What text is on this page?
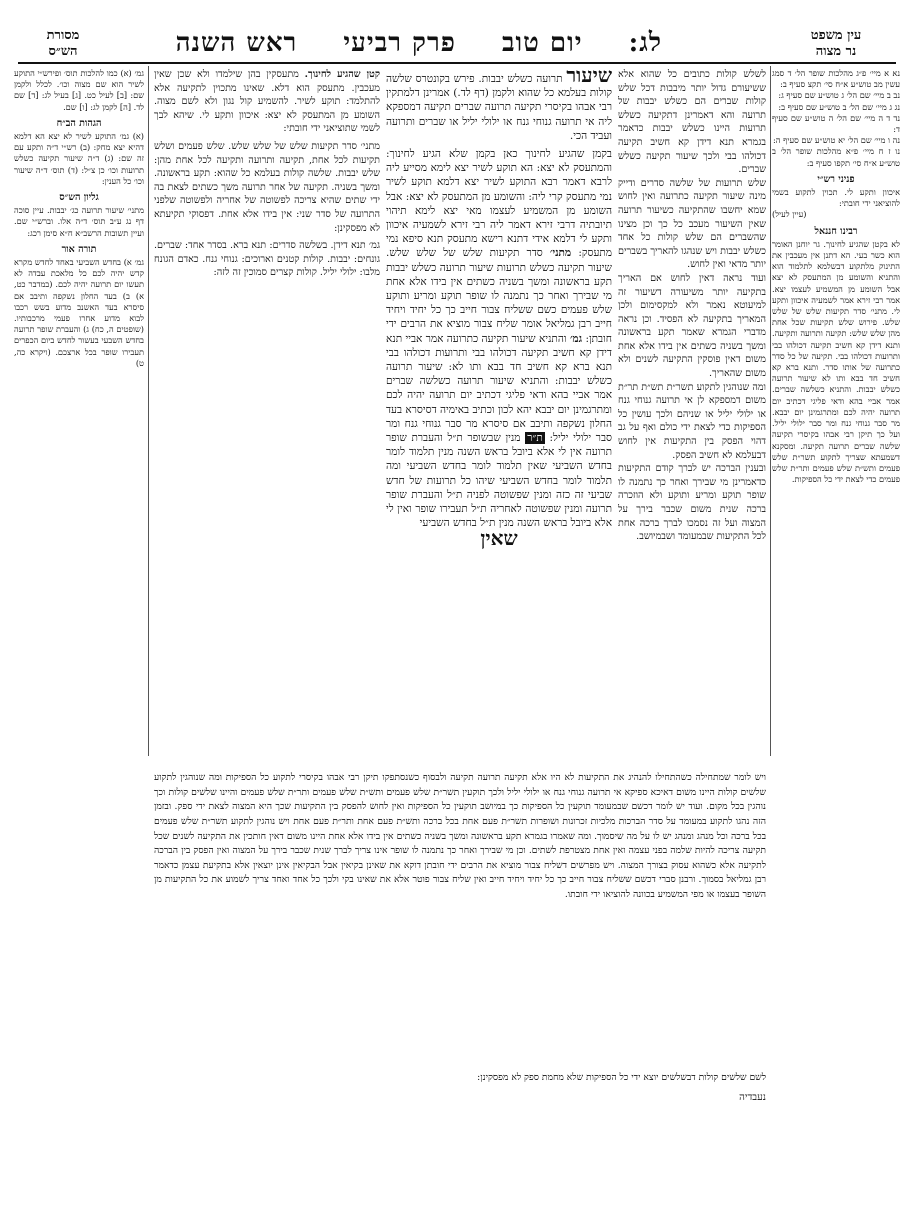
עין משפט
נר מצוה
לג: יום טוב פרק רביעי ראש השנה
מסורת
הש״ס

נא א מיי׳ פ״ג מהלכות שופר הל׳ ד סמג עשין מב טוש״ע א״ח סי׳ תקצ סעיף ב:

נב ב מיי׳ שם הל׳ ג טוש״ע שם סעיף ג:

נג ג מיי׳ שם הל׳ ב טוש״ע שם סעיף ב:

נד ד ה מיי׳ שם הל׳ ה טוש״ע שם סעיף ד:

נה ו מיי׳ שם הל׳ יא טוש״ע שם סעיף ה:

נו ז ח מיי׳ פ״א מהלכות שופר הל׳ ב טוש״ע א״ח סי׳ תקפו סעיף ב:

פניני רש״י

איכוון ותקע לי. תכוין לתקוע בשמי להוציאני ידי חובתי:

(עיין לעיל)

רבינו חננאל

לא בקטן שהגיע לחינוך. גר יוחנן האומר הוא כשר בעי. הא דתנן אין מעכבין את התינוק מלתקוע דבשלמא לתלמוד הוא והתניא והשומע מן המתעסק לא יצא אבל השומע מן המשמיע לעצמו יצא. אמר רבי זירא אמר לשמעיה איכוון ותקע לי. מתני׳ סדר תקיעות שלש של שלש שלש. פירוש שלש תקיעות שכל אחת מהן שלש שלש: תקיעה ותרועה ותקיעה. ותנא דידן קא חשיב תקיעה דכולהו בבי ותרועות דכולהו בבי. תקיעה של כל סדר כתרועה של אותו סדר. ותנא ברא קא חשיב חד בבא ותו לא שיעור תרועה כשלש יבבות. והתניא כשלשה שברים. אמר אביי בהא ודאי פליגי דכתיב יום תרועה יהיה לכם ומתרגמינן יום יבבא. מר סבר גנוחי גנח ומר סבר ילולי יליל. ועל כך תיקן רבי אבהו בקיסרי תקיעה שלשה שברים תרועה תקיעה. ומסקנא דשמעתא שצריך לתקוע תשר״ת שלש פעמים ותש״ת שלש פעמים ותר״ת שלש פעמים כדי לצאת ידי כל הספיקות.

לשלש קולות כתובים כל שהוא אלא ששיעורם גדול יותר מיבבות דכל שלש קולות שברים הם כשלש יבבות של תרועה והא דאמרינן דתקיעה כשלש תרועות היינו כשלש יבבות כדאמר בגמרא תנא דידן קא חשיב תקיעה דכולהו בבי ולכך שיעור תקיעה כשלש שברים.

שלש תרועות של שלשה סדרים ודייק מינה שיעור תקיעה כתרועה ואין לחוש שמא יחשבו שהתקיעה כשיעור תרועה שאין השיעור מעכב כל כך וכן מצינו שהשברים הם שלש קולות כל אחד כשלש יבבות ויש שנהגו להאריך בשברים יותר מדאי ואין לחוש.

ועוד נראה דאין לחוש אם האריך בתקיעה יותר משיעורה דשיעור זה למיעוטא נאמר ולא למקסימום ולכן המאריך בתקיעה לא הפסיד. וכן נראה מדברי הגמרא שאמר תקע בראשונה ומשך בשניה כשתים אין בידו אלא אחת משום דאין פוסקין התקיעה לשנים ולא משום שהאריך.

ומה שנוהגין לתקוע תשר״ת תש״ת תר״ת משום דמספקא לן אי תרועה גנוחי גנח או ילולי יליל או שניהם ולכך עושין כל הספיקות כדי לצאת ידי כולם ואף על גב דהוי הפסק בין התקיעות אין לחוש דבעלמא לא חשיב הפסק.

ובענין הברכה יש לברך קודם התקיעות כדאמרינן מי שבירך ואחר כך נתמנה לו שופר תוקע ומריע ותוקע ולא הוזכרה ברכה שנית משום שכבר בירך על המצוה ועל זה נסמכו לברך ברכה אחת לכל התקיעות שבמעומד ושבמיושב.

שיעור תרועה כשלש יבבות. פירש בקונטרס שלשה קולות בעלמא כל שהוא ולקמן (דף לד.) אמרינן דלמתקין רבי אבהו בקיסרי תקיעה תרועה שברים תקיעה דמספקא ליה אי תרועה גנוחי גנח או ילולי יליל או שברים ותרועה ועביד הכי.

בקמן שהגיע לחינוך כאן בקמן שלא הגיע לחינוך: והמתעסק לא יצא: הא תוקע לשיר יצא לימא מסייע ליה לרבא דאמר רבא התוקע לשיר יצא דלמא תוקע לשיר נמי מתעסק קרי ליה: והשומע מן המתעסק לא יצא: אבל השומע מן המשמיע לעצמו מאי יצא לימא תיהוי תיובתיה דרבי זירא דאמר ליה רבי זירא לשמעיה איכוון ותקע לי דלמא אידי דתנא רישא מתעסק תנא סיפא נמי מתעסק: מתני׳ סדר תקיעות שלש של שלש שלש. שיעור תקיעה כשלש תרועות שיעור תרועה כשלש יבבות תקע בראשונה ומשך בשניה כשתים אין בידו אלא אחת מי שבירך ואחר כך נתמנה לו שופר תוקע ומריע ותוקע שלש פעמים כשם ששליח צבור חייב כך כל יחיד ויחיד חייב רבן גמליאל אומר שליח צבור מוציא את הרבים ידי חובתן: גמ׳ והתניא שיעור תקיעה כתרועה אמר אביי תנא דידן קא חשיב תקיעה דכולהו בבי ותרועות דכולהו בבי תנא ברא קא חשיב חד בבא ותו לא: שיעור תרועה כשלש יבבות: והתניא שיעור תרועה כשלשה שברים אמר אביי בהא ודאי פליגי דכתיב יום תרועה יהיה לכם ומתרגמינן יום יבבא יהא לכון וכתיב באימיה דסיסרא בעד החלון נשקפה ותיבב אם סיסרא מר סבר גנוחי גנח ומר סבר ילולי יליל: ת״ר מנין שבשופר ת״ל והעברת שופר תרועה אין לי אלא ביובל בראש השנה מנין תלמוד לומר בחדש השביעי שאין תלמוד לומר בחדש השביעי ומה תלמוד לומר בחדש השביעי שיהו כל תרועות של חדש שביעי זה כזה ומנין שפשוטה לפניה ת״ל והעברת שופר תרועה ומנין שפשוטה לאחריה ת״ל תעבירו שופר ואין לי אלא ביובל בראש השנה מנין ת״ל בחדש השביעי

שאין

קטן שהגיע לחינוך. מתעסקין בהן שילמדו ולא שכן שאין מעכבין. מתעסק הוא דלא. שאינו מתכוין לתקיעה אלא להתלמד: תוקע לשיר. להשמיע קול נגון ולא לשם מצוה. השומע מן המתעסק לא יצא: איכוון ותקע לי. שיהא לבך לשמי שתוציאני ידי חובתי:

מתני׳ סדר תקיעות שלש של שלש שלש. שלש פעמים ושלש תקיעות לכל אחת, תקיעה ותרועה ותקיעה לכל אחת מהן: שלש יבבות. שלשה קולות בעלמא כל שהוא: תקע בראשונה. ומשך בשניה. תקיעה של אחר תרועה משך כשתים לצאת בה ידי שתים שהיא צריכה לפשוטה של אחריה ולפשוטה שלפני התרועה של סדר שני: אין בידו אלא אחת. דפסוקי תקיעתא לא מפסקינן:

גמ׳ תנא דידן. בשלשה סדרים: תנא ברא. בסדר אחד: שברים. גונחים: יבבות. קולות קטנים וארוכים: גנוחי גנח. כאדם הגונח מלבו: ילולי יליל. קולות קצרים סמוכין זה לזה:

גמ׳ (א) כמו להלכות תוס׳ ופירש״י התוקע לשיר הוא שם מצוה וכו׳. לכלל ולקמן שם: [ב] לעיל כט. [ג] בעיל לג: [ד] שם לד. [ה] לקמן לג: [ו] שם.

הגהות הב״ח

(א) גמ׳ התוקע לשיר לא יצא הא דלמא דהיא יצא מחק: (ב) רש״י ד״ה ותקע עם זה שם: (ג) ד״ה שיעור תקיעה כשלש תרועות וכו׳ כן צ״ל: (ד) תוס׳ ד״ה שיעור וכו׳ כל הענין:

גליון הש״ס

מתני׳ שיעור תרועה כג׳ יבבות. עיין סוכה דף נג ע״ב תוס׳ ד״ה אלו. וברש״י שם. ועיין תשובות הרשב״א ח״א סימן רכג:

תורה אור

גמ׳ א) בחדש השביעי באחד לחדש מקרא קדש יהיה לכם כל מלאכת עבדה לא תעשו יום תרועה יהיה לכם. (במדבר כט, א) ב) בעד החלון נשקפה ותיבב אם סיסרא בעד האשנב מדוע בשש רכבו לבוא מדוע אחרו פעמי מרכבותיו. (שופטים ה, כח) ג) והעברת שופר תרועה בחדש השבעי בעשור לחדש ביום הכפרים תעבירו שופר בכל ארצכם. (ויקרא כה, ט)

ויש לומר שמתחילה כשהתחילו להנהיג את התקיעות לא היו אלא תקיעה תרועה תקיעה ולבסוף כשנסתפקו תיקן רבי אבהו בקיסרי לתקוע כל הספיקות ומה שנוהגין לתקוע שלשים קולות היינו משום דאיכא ספיקא אי תרועה גנוחי גנח או ילולי יליל ולכך תוקעין תשר״ת שלש פעמים ותש״ת שלש פעמים ותר״ת שלש פעמים והיינו שלשים קולות וכך נוהגין בכל מקום. ועוד יש לומר דכשם שבמעומד תוקעין כל הספיקות כך במיושב תוקעין כל הספיקות ואין לחוש להפסק בין התקיעות שכך היא המצוה לצאת ידי ספק. ובזמן הזה נהגו לתקוע במעומד על סדר הברכות מלכיות זכרונות ושופרות תשר״ת פעם אחת בכל ברכה ותש״ת פעם אחת ותר״ת פעם אחת ויש נוהגין לתקוע תשר״ת שלש פעמים בכל ברכה וכל מנהג ומנהג יש לו על מה שיסמוך. ומה שאמרו בגמרא תקע בראשונה ומשך בשניה כשתים אין בידו אלא אחת היינו משום דאין חותכין את התקיעה לשנים שכל תקיעה צריכה להיות שלמה בפני עצמה ואין אחת מצטרפת לשתים. וכן מי שבירך ואחר כך נתמנה לו שופר אינו צריך לברך שנית שכבר בירך על המצוה ואין הפסק בין הברכה לתקיעה אלא כשהוא עסוק בצורך המצוה. ויש מפרשים דשליח צבור מוציא את הרבים ידי חובתן דוקא את שאינן בקיאין אבל הבקיאין אינן יוצאין אלא בתקיעת עצמן כדאמר רבן גמליאל בסמוך. ורבנן סברי דכשם ששליח צבור חייב כך כל יחיד ויחיד חייב ואין שליח צבור פוטר אלא את שאינו בקי ולכך כל אחד ואחד צריך לשמוע את כל התקיעות מן השופר בעצמו או מפי המשמיע בכוונה להוציאו ידי חובתו.

לשם שלשים קולות דבשלשים יוצא ידי כל הספיקות שלא מחמת ספק לא מפסקינן:
נעבדיה
